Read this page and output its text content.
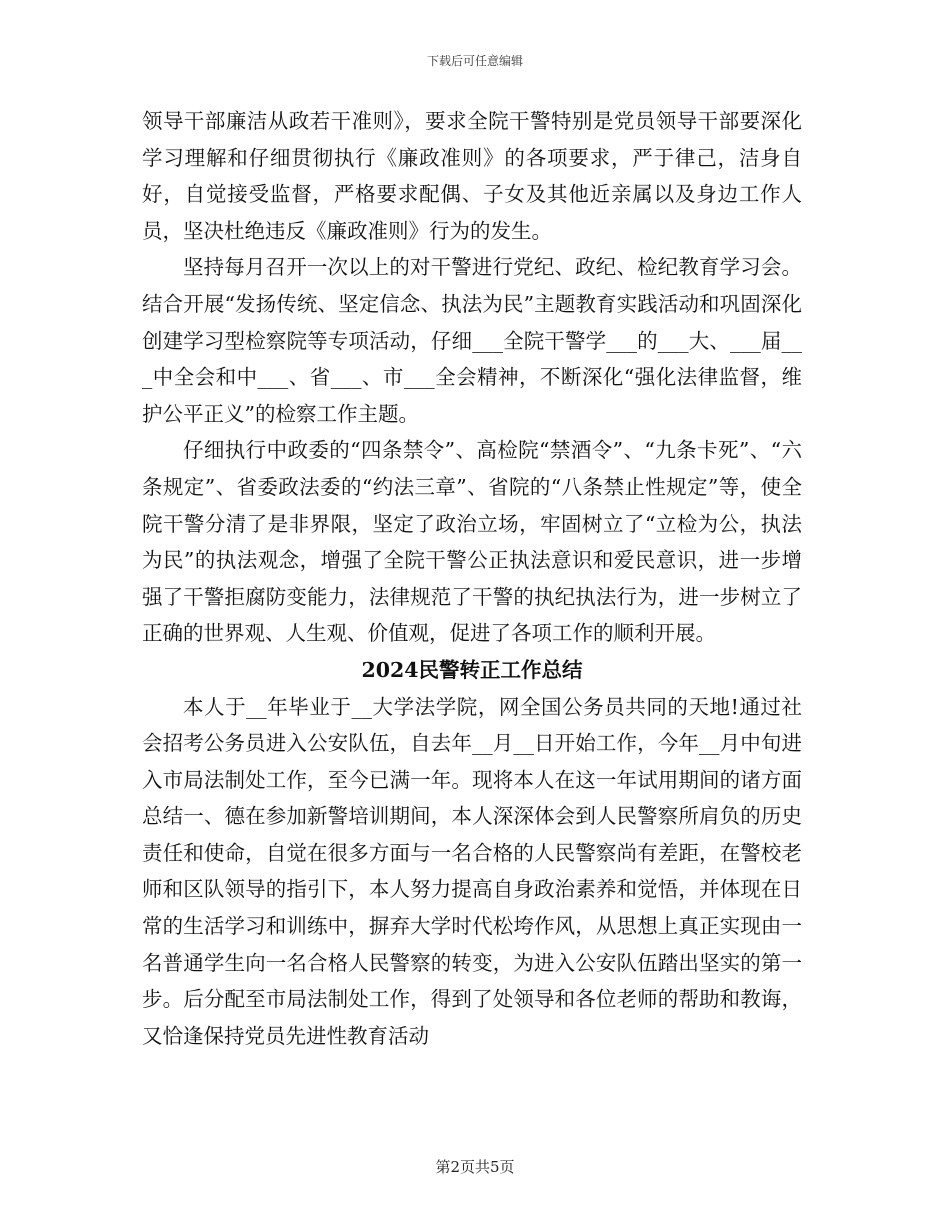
下载后可任意编辑

领导干部廉洁从政若干准则》，要求全院干警特别是党员领导干部要深化学习理解和仔细贯彻执行《廉政准则》的各项要求，严于律己，洁身自好，自觉接受监督，严格要求配偶、子女及其他近亲属以及身边工作人员，坚决杜绝违反《廉政准则》行为的发生。

坚持每月召开一次以上的对干警进行党纪、政纪、检纪教育学习会。结合开展“发扬传统、坚定信念、执法为民”主题教育实践活动和巩固深化创建学习型检察院等专项活动，仔细___全院干警学___的___大、___届___中全会和中___、省___、市___全会精神，不断深化“强化法律监督，维护公平正义”的检察工作主题。

仔细执行中政委的“四条禁令”、高检院“禁酒令”、“九条卡死”、“六条规定”、省委政法委的“约法三章”、省院的“八条禁止性规定”等，使全院干警分清了是非界限，坚定了政治立场，牢固树立了“立检为公，执法为民”的执法观念，增强了全院干警公正执法意识和爱民意识，进一步增强了干警拒腐防变能力，法律规范了干警的执纪执法行为，进一步树立了正确的世界观、人生观、价值观，促进了各项工作的顺利开展。

2024民警转正工作总结

本人于__年毕业于__大学法学院，网全国公务员共同的天地!通过社会招考公务员进入公安队伍，自去年__月__日开始工作，今年__月中旬进入市局法制处工作，至今已满一年。现将本人在这一年试用期间的诸方面总结一、德在参加新警培训期间，本人深深体会到人民警察所肩负的历史责任和使命，自觉在很多方面与一名合格的人民警察尚有差距，在警校老师和区队领导的指引下，本人努力提高自身政治素养和觉悟，并体现在日常的生活学习和训练中，摒弃大学时代松垮作风，从思想上真正实现由一名普通学生向一名合格人民警察的转变，为进入公安队伍踏出坚实的第一步。后分配至市局法制处工作，得到了处领导和各位老师的帮助和教诲，又恰逢保持党员先进性教育活动

第2页共5页
